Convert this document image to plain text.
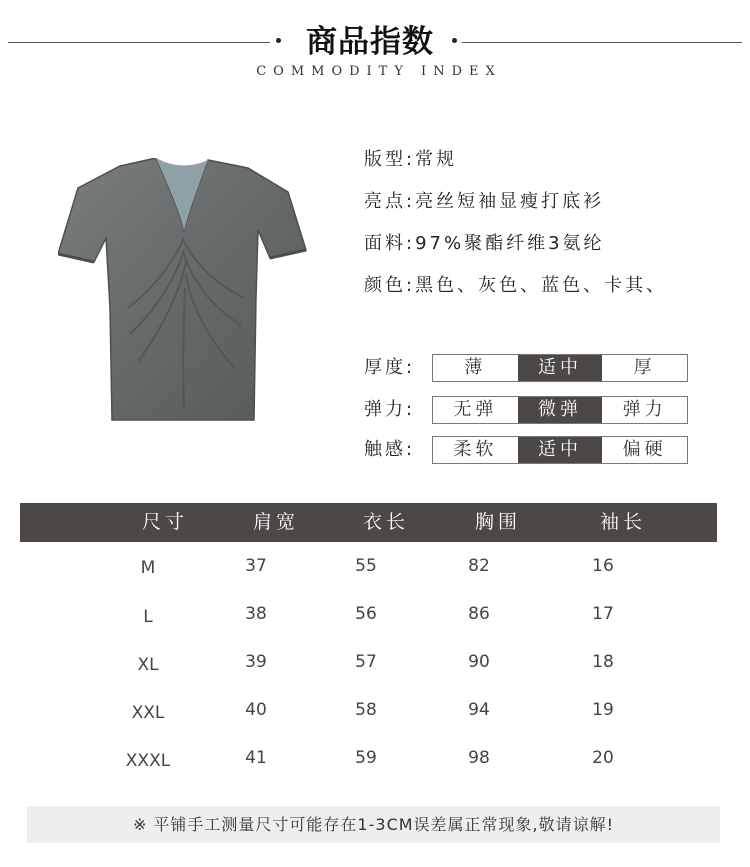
商品指数
COMMODITY INDEX
版型:常规
亮点:亮丝短袖显瘦打底衫
面料:97%聚酯纤维3氨纶
颜色:黑色、灰色、蓝色、卡其、
厚度:	薄	适中	厚
弹力:	无弹	微弹	弹力
触感:	柔软	适中	偏硬
尺寸	肩宽	衣长	胸围	袖长
M	37	55	82	16
L	38	56	86	17
XL	39	57	90	18
XXL	40	58	94	19
XXXL	41	59	98	20
※ 平铺手工测量尺寸可能存在1-3CM误差属正常现象,敬请谅解!
